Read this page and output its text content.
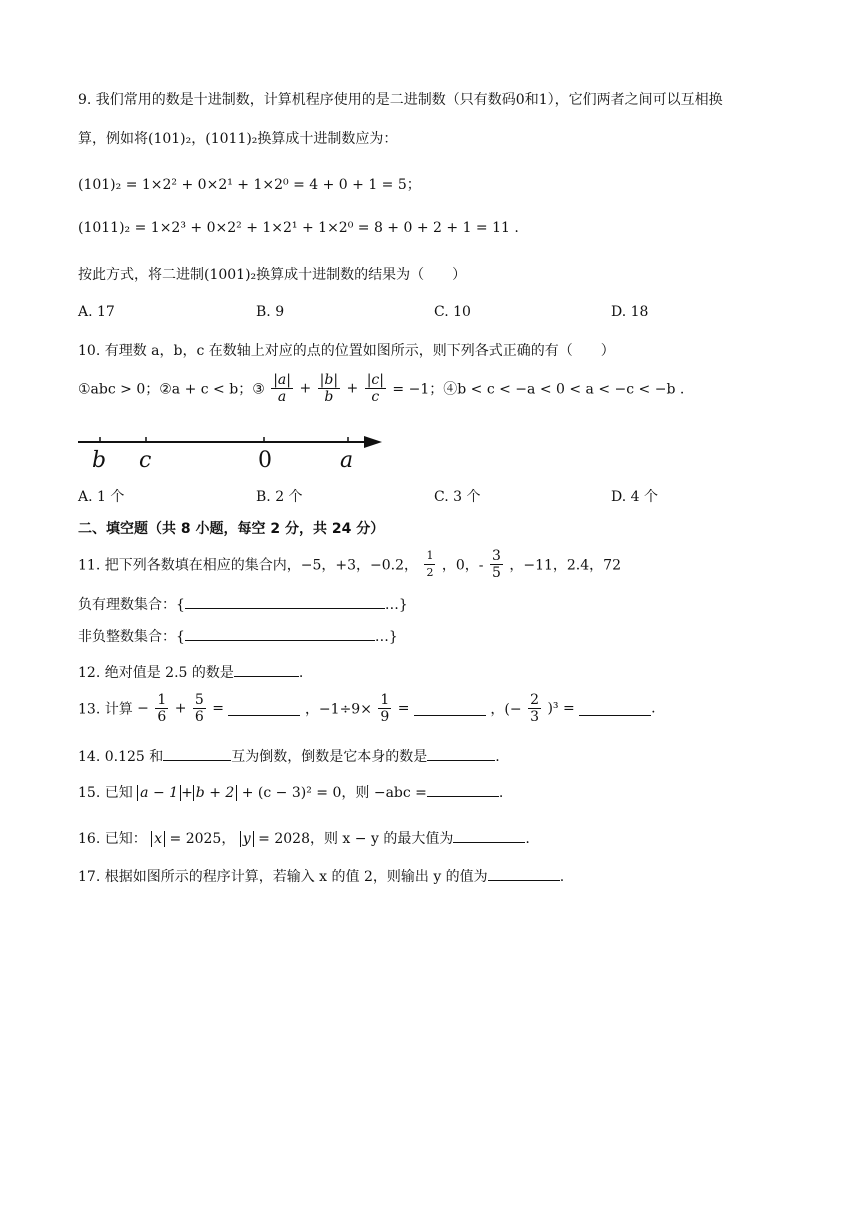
9. 我们常用的数是十进制数，计算机程序使用的是二进制数（只有数码0和1），它们两者之间可以互相换
算，例如将(101)₂，(1011)₂换算成十进制数应为：
(101)₂ = 1×2² + 0×2¹ + 1×2⁰ = 4 + 0 + 1 = 5；
(1011)₂ = 1×2³ + 0×2² + 1×2¹ + 1×2⁰ = 8 + 0 + 2 + 1 = 11 .
按此方式，将二进制(1001)₂换算成十进制数的结果为（　　）
A. 17	B. 9	C. 10	D. 18
10. 有理数 a，b，c 在数轴上对应的点的位置如图所示，则下列各式正确的有（　　）
①abc > 0；②a + c < b；③ $\frac{|a|}{a} + \frac{|b|}{b} + \frac{|c|}{c} = -1$；④b < c < −a < 0 < a < −c < −b .
b c	0	a
A. 1 个	B. 2 个	C. 3 个	D. 4 个
二、填空题（共 8 小题，每空 2 分，共 24 分）
11. 把下列各数填在相应的集合内，−5，+3，−0.2， $\frac{1}{2}$ ，0，- $\frac{3}{5}$ ，−11，2.4，72
负有理数集合：{	…}
非负整数集合：{	…}
12. 绝对值是 2.5 的数是	.
13. 计算 − $\frac{1}{6} + \frac{5}{6}$ =	，$-1\div 9\times \frac{1}{9}$ =	，(− $\frac{2}{3} )^3$ =	.
14. 0.125 和	互为倒数，倒数是它本身的数是	.
15. 已知 a − 1 + b + 2 + (c − 3)² = 0，则 −abc =	.
16. 已知： x = 2025， y = 2028，则 x − y 的最大值为	.
17. 根据如图所示的程序计算，若输入 x 的值 2，则输出 y 的值为	.
